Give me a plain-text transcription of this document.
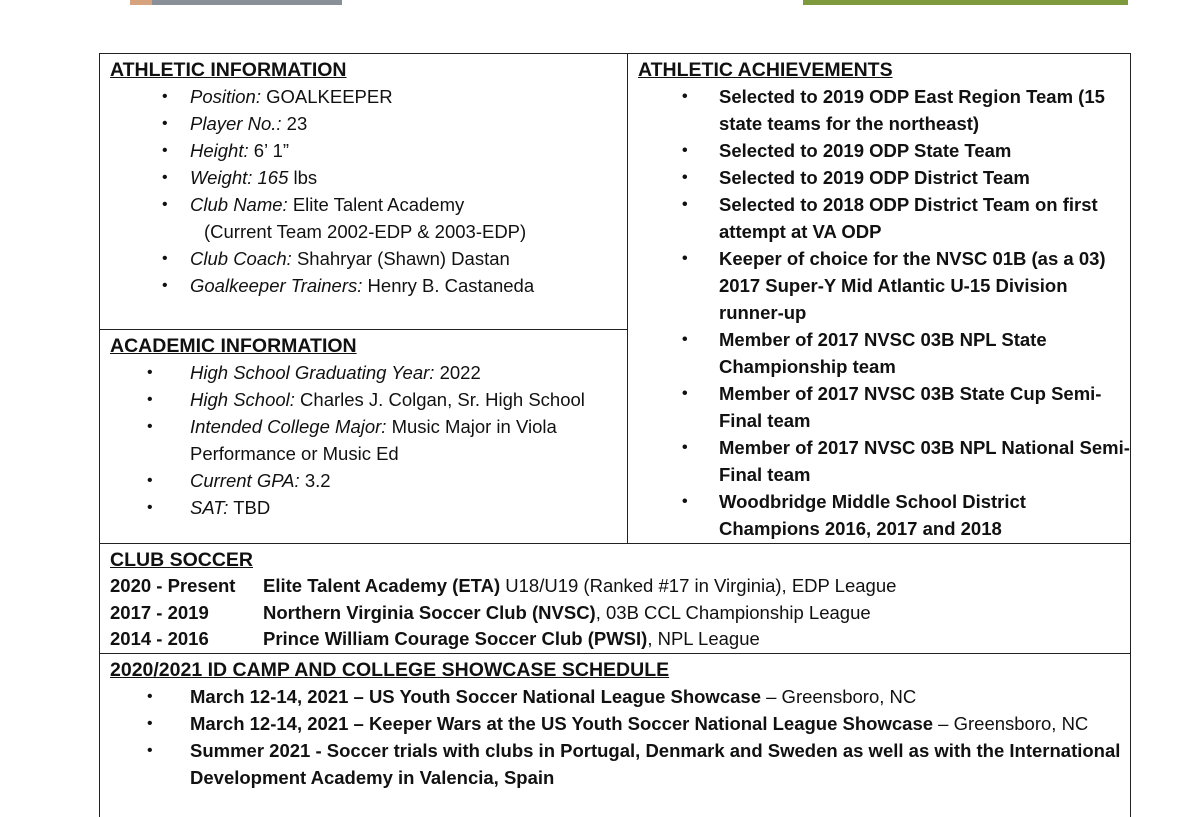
ATHLETIC INFORMATION
• Position: GOALKEEPER
• Player No.: 23
• Height: 6’ 1”
• Weight: 165 lbs
• Club Name: Elite Talent Academy
(Current Team 2002-EDP & 2003-EDP)
• Club Coach: Shahryar (Shawn) Dastan
• Goalkeeper Trainers: Henry B. Castaneda

ATHLETIC ACHIEVEMENTS
• Selected to 2019 ODP East Region Team (15 state teams for the northeast)
• Selected to 2019 ODP State Team
• Selected to 2019 ODP District Team
• Selected to 2018 ODP District Team on first attempt at VA ODP
• Keeper of choice for the NVSC 01B (as a 03) 2017 Super-Y Mid Atlantic U-15 Division runner-up
• Member of 2017 NVSC 03B NPL State Championship team
• Member of 2017 NVSC 03B State Cup Semi-Final team
• Member of 2017 NVSC 03B NPL National Semi-Final team
• Woodbridge Middle School District Champions 2016, 2017 and 2018

ACADEMIC INFORMATION
• High School Graduating Year: 2022
• High School: Charles J. Colgan, Sr. High School
• Intended College Major: Music Major in Viola Performance or Music Ed
• Current GPA: 3.2
• SAT: TBD

CLUB SOCCER
2020 - Present Elite Talent Academy (ETA) U18/U19 (Ranked #17 in Virginia), EDP League
2017 - 2019	Northern Virginia Soccer Club (NVSC), 03B CCL Championship League
2014 - 2016	Prince William Courage Soccer Club (PWSI), NPL League

2020/2021 ID CAMP AND COLLEGE SHOWCASE SCHEDULE
• March 12-14, 2021 – US Youth Soccer National League Showcase – Greensboro, NC
• March 12-14, 2021 – Keeper Wars at the US Youth Soccer National League Showcase – Greensboro, NC
• Summer 2021 - Soccer trials with clubs in Portugal, Denmark and Sweden as well as with the International Development Academy in Valencia, Spain
